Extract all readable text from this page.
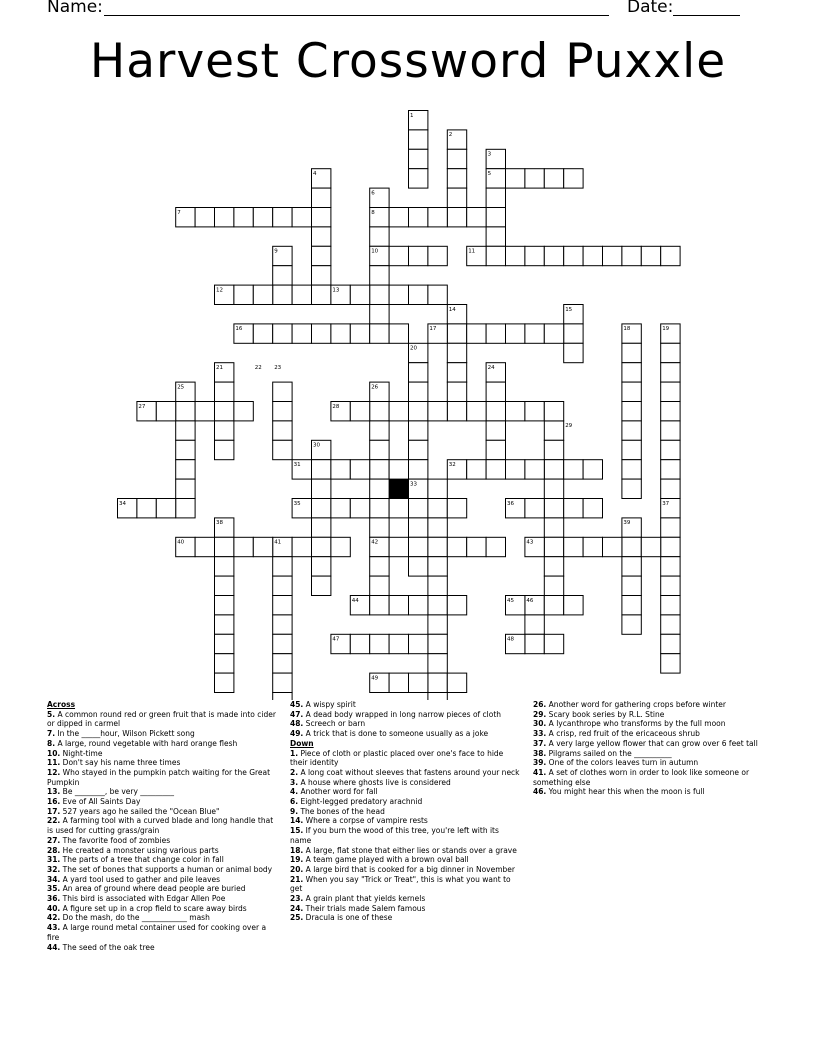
Name:	Date:
Harvest Crossword Puxxle
1
2
3
4	5
6
7	8
9	10	11
12	13
14	15
16	17	18	19
20
21	22 23	24
25	26
27	28
29
30
31	32
33
34	35	36	37
38	39
40	41	42	43
44	45 46
47	48
49
Across
5. A common round red or green fruit that is made into cider or dipped in carmel
7. In the _____hour, Wilson Pickett song
8. A large, round vegetable with hard orange flesh
10. Night-time
11. Don't say his name three times
12. Who stayed in the pumpkin patch waiting for the Great Pumpkin
13. Be ________, be very _________
16. Eve of All Saints Day
17. 527 years ago he sailed the "Ocean Blue"
22. A farming tool with a curved blade and long handle that is used for cutting grass/grain
27. The favorite food of zombies
28. He created a monster using various parts
31. The parts of a tree that change color in fall
32. The set of bones that supports a human or animal body
34. A yard tool used to gather and pile leaves
35. An area of ground where dead people are buried
36. This bird is associated with Edgar Allen Poe
40. A figure set up in a crop field to scare away birds
42. Do the mash, do the ____________ mash
43. A large round metal container used for cooking over a fire
44. The seed of the oak tree
45. A wispy spirit
47. A dead body wrapped in long narrow pieces of cloth
48. Screech or barn
49. A trick that is done to someone usually as a joke
Down
1. Piece of cloth or plastic placed over one's face to hide their identity
2. A long coat without sleeves that fastens around your neck
3. A house where ghosts live is considered
4. Another word for fall
6. Eight-legged predatory arachnid
9. The bones of the head
14. Where a corpse of vampire rests
15. If you burn the wood of this tree, you're left with its name
18. A large, flat stone that either lies or stands over a grave
19. A team game played with a brown oval ball
20. A large bird that is cooked for a big dinner in November
21. When you say "Trick or Treat", this is what you want to get
23. A grain plant that yields kernels
24. Their trials made Salem famous
25. Dracula is one of these
26. Another word for gathering crops before winter
29. Scary book series by R.L. Stine
30. A lycanthrope who transforms by the full moon
33. A crisp, red fruit of the ericaceous shrub
37. A very large yellow flower that can grow over 6 feet tall
38. Pilgrams sailed on the __________
39. One of the colors leaves turn in autumn
41. A set of clothes worn in order to look like someone or something else
46. You might hear this when the moon is full
